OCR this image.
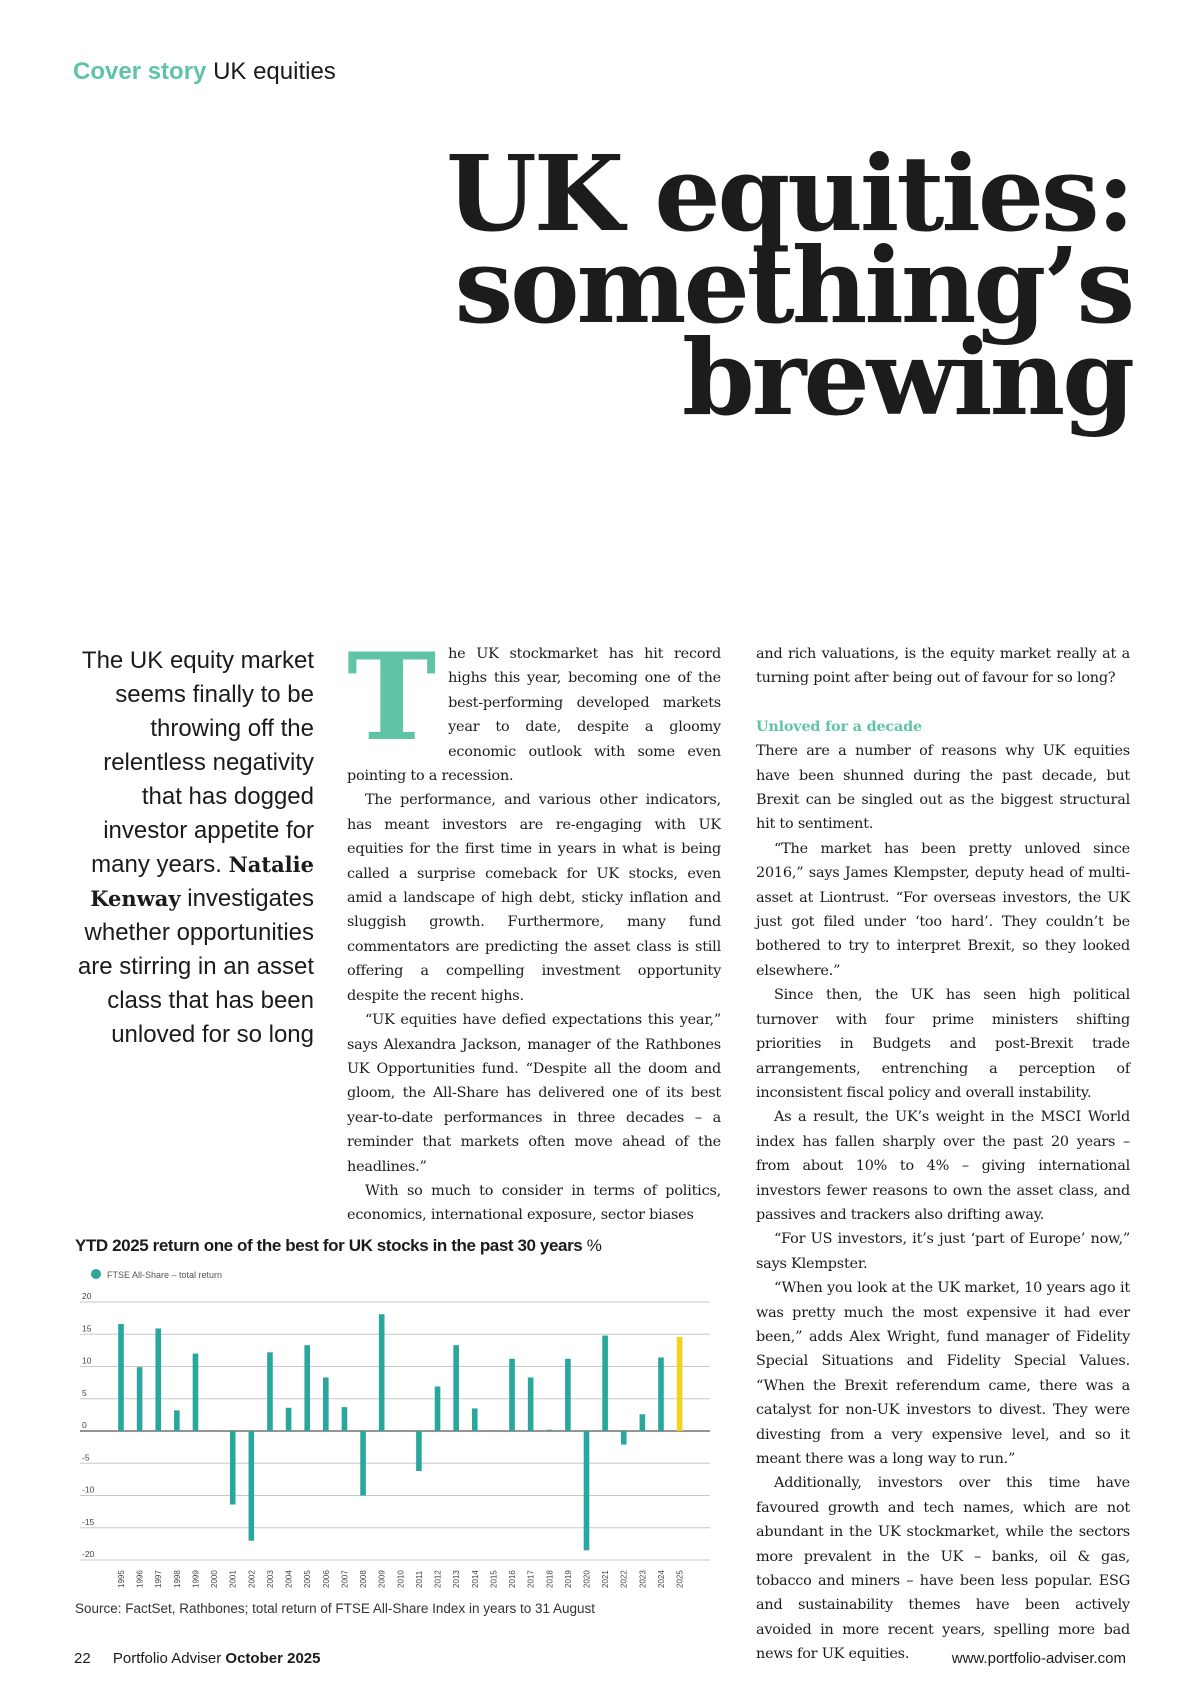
Cover story UK equities
UK equities:
something’s
brewing
The UK equity market seems finally to be throwing off the relentless negativity that has dogged investor appetite for many years. Natalie Kenway investigates whether opportunities are stirring in an asset class that has been unloved for so long

The UK stockmarket has hit record highs this year, becoming one of the best-performing developed markets year to date, despite a gloomy economic outlook with some even pointing to a recession.

The performance, and various other indicators, has meant investors are re-engaging with UK equities for the first time in years in what is being called a surprise comeback for UK stocks, even amid a landscape of high debt, sticky inflation and sluggish growth. Furthermore, many fund commentators are predicting the asset class is still offering a compelling investment opportunity despite the recent highs.

“UK equities have defied expectations this year,” says Alexandra Jackson, manager of the Rathbones UK Opportunities fund. “Despite all the doom and gloom, the All-Share has delivered one of its best year-to-date performances in three decades – a reminder that markets often move ahead of the headlines.”

With so much to consider in terms of politics, economics, international exposure, sector biases

and rich valuations, is the equity market really at a turning point after being out of favour for so long?

Unloved for a decade

There are a number of reasons why UK equities have been shunned during the past decade, but Brexit can be singled out as the biggest structural hit to sentiment.

“The market has been pretty unloved since 2016,” says James Klempster, deputy head of multi-asset at Liontrust. “For overseas investors, the UK just got filed under ‘too hard’. They couldn’t be bothered to try to interpret Brexit, so they looked elsewhere.”

Since then, the UK has seen high political turnover with four prime ministers shifting priorities in Budgets and post-Brexit trade arrangements, entrenching a perception of inconsistent fiscal policy and overall instability.

As a result, the UK’s weight in the MSCI World index has fallen sharply over the past 20 years – from about 10% to 4% – giving international investors fewer reasons to own the asset class, and passives and trackers also drifting away.

“For US investors, it’s just ‘part of Europe’ now,” says Klempster.

“When you look at the UK market, 10 years ago it was pretty much the most expensive it had ever been,” adds Alex Wright, fund manager of Fidelity Special Situations and Fidelity Special Values. “When the Brexit referendum came, there was a catalyst for non-UK investors to divest. They were divesting from a very expensive level, and so it meant there was a long way to run.”

Additionally, investors over this time have favoured growth and tech names, which are not abundant in the UK stockmarket, while the sectors more prevalent in the UK – banks, oil & gas, tobacco and miners – have been less popular. ESG and sustainability themes have been actively avoided in more recent years, spelling more bad news for UK equities.

YTD 2025 return one of the best for UK stocks in the past 30 years %
FTSE All-Share – total return
20
15
10
5
0
-5
-10
-15
-20
1995 1996 1997 1998 1999 2000 2001 2002 2003 2004 2005 2006 2007 2008 2009 2010 2011 2012 2013 2014 2015 2016 2017 2018 2019 2020 2021 2022 2023 2024 2025
Source: FactSet, Rathbones; total return of FTSE All-Share Index in years to 31 August
22 Portfolio Adviser October 2025	www.portfolio-adviser.com
